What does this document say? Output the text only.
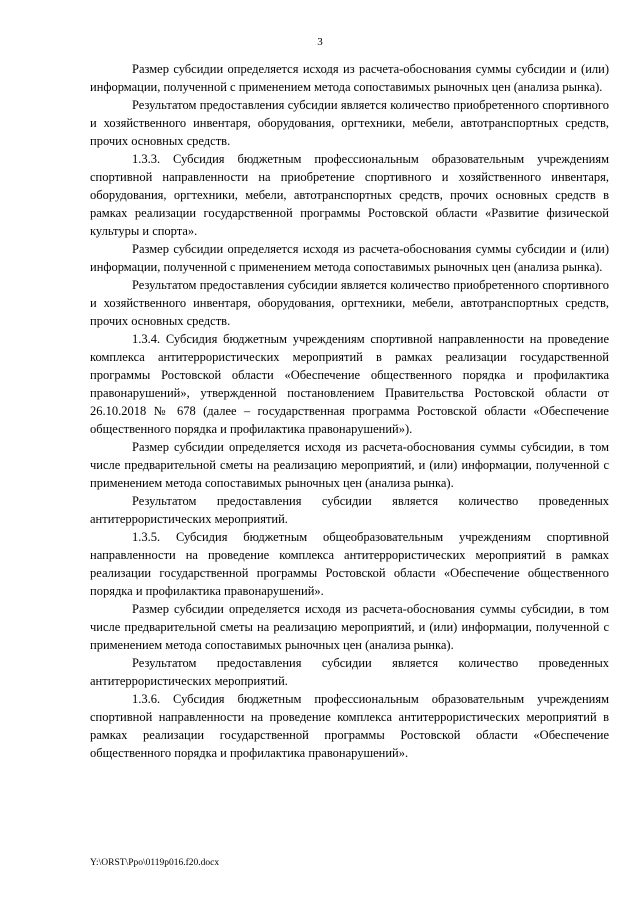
3

Размер субсидии определяется исходя из расчета-обоснования суммы субсидии и (или) информации, полученной с применением метода сопоставимых рыночных цен (анализа рынка).

Результатом предоставления субсидии является количество приобретенного спортивного и хозяйственного инвентаря, оборудования, оргтехники, мебели, автотранспортных средств, прочих основных средств.

1.3.3. Субсидия бюджетным профессиональным образовательным учреждениям спортивной направленности на приобретение спортивного и хозяйственного инвентаря, оборудования, оргтехники, мебели, автотранспортных средств, прочих основных средств в рамках реализации государственной программы Ростовской области «Развитие физической культуры и спорта».

Размер субсидии определяется исходя из расчета-обоснования суммы субсидии и (или) информации, полученной с применением метода сопоставимых рыночных цен (анализа рынка).

Результатом предоставления субсидии является количество приобретенного спортивного и хозяйственного инвентаря, оборудования, оргтехники, мебели, автотранспортных средств, прочих основных средств.

1.3.4. Субсидия бюджетным учреждениям спортивной направленности на проведение комплекса антитеррористических мероприятий в рамках реализации государственной программы Ростовской области «Обеспечение общественного порядка и профилактика правонарушений», утвержденной постановлением Правительства Ростовской области от 26.10.2018 № 678 (далее – государственная программа Ростовской области «Обеспечение общественного порядка и профилактика правонарушений»).

Размер субсидии определяется исходя из расчета-обоснования суммы субсидии, в том числе предварительной сметы на реализацию мероприятий, и (или) информации, полученной с применением метода сопоставимых рыночных цен (анализа рынка).

Результатом предоставления субсидии является количество проведенных антитеррористических мероприятий.

1.3.5. Субсидия бюджетным общеобразовательным учреждениям спортивной направленности на проведение комплекса антитеррористических мероприятий в рамках реализации государственной программы Ростовской области «Обеспечение общественного порядка и профилактика правонарушений».

Размер субсидии определяется исходя из расчета-обоснования суммы субсидии, в том числе предварительной сметы на реализацию мероприятий, и (или) информации, полученной с применением метода сопоставимых рыночных цен (анализа рынка).

Результатом предоставления субсидии является количество проведенных антитеррористических мероприятий.

1.3.6. Субсидия бюджетным профессиональным образовательным учреждениям спортивной направленности на проведение комплекса антитеррористических мероприятий в рамках реализации государственной программы Ростовской области «Обеспечение общественного порядка и профилактика правонарушений».

Y:\ORST\Ppo\0119p016.f20.docx
